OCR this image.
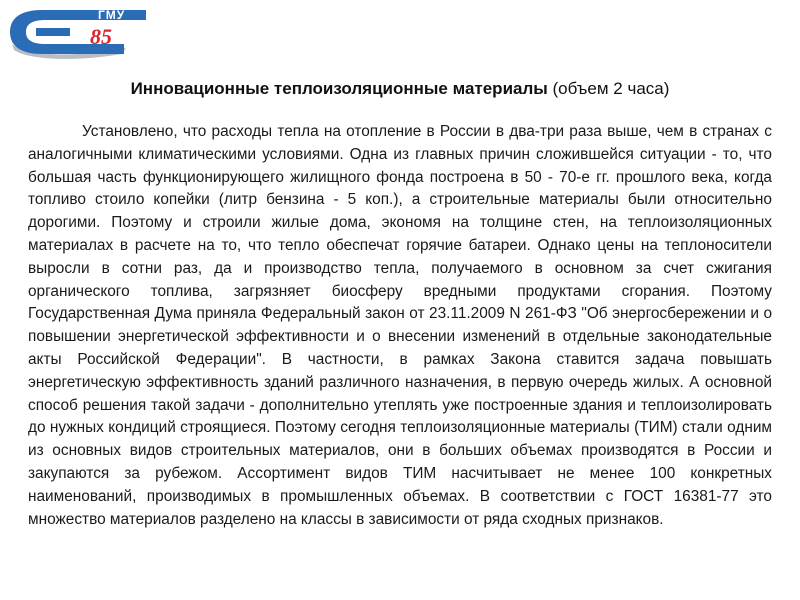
ГМУ
85
Инновационные теплоизоляционные материалы (объем 2 часа)

Установлено, что расходы тепла на отопление в России в два-три раза выше, чем в странах с аналогичными климатическими условиями. Одна из главных причин сложившейся ситуации - то, что большая часть функционирующего жилищного фонда построена в 50 - 70-е гг. прошлого века, когда топливо стоило копейки (литр бензина - 5 коп.), а строительные материалы были относительно дорогими. Поэтому и строили жилые дома, экономя на толщине стен, на теплоизоляционных материалах в расчете на то, что тепло обеспечат горячие батареи. Однако цены на теплоносители выросли в сотни раз, да и производство тепла, получаемого в основном за счет сжигания органического топлива, загрязняет биосферу вредными продуктами сгорания. Поэтому Государственная Дума приняла Федеральный закон от 23.11.2009 N 261-ФЗ "Об энергосбережении и о повышении энергетической эффективности и о внесении изменений в отдельные законодательные акты Российской Федерации". В частности, в рамках Закона ставится задача повышать энергетическую эффективность зданий различного назначения, в первую очередь жилых. А основной способ решения такой задачи - дополнительно утеплять уже построенные здания и теплоизолировать до нужных кондиций строящиеся. Поэтому сегодня теплоизоляционные материалы (ТИМ) стали одним из основных видов строительных материалов, они в больших объемах производятся в России и закупаются за рубежом. Ассортимент видов ТИМ насчитывает не менее 100 конкретных наименований, производимых в промышленных объемах. В соответствии с ГОСТ 16381-77 это множество материалов разделено на классы в зависимости от ряда сходных признаков.
